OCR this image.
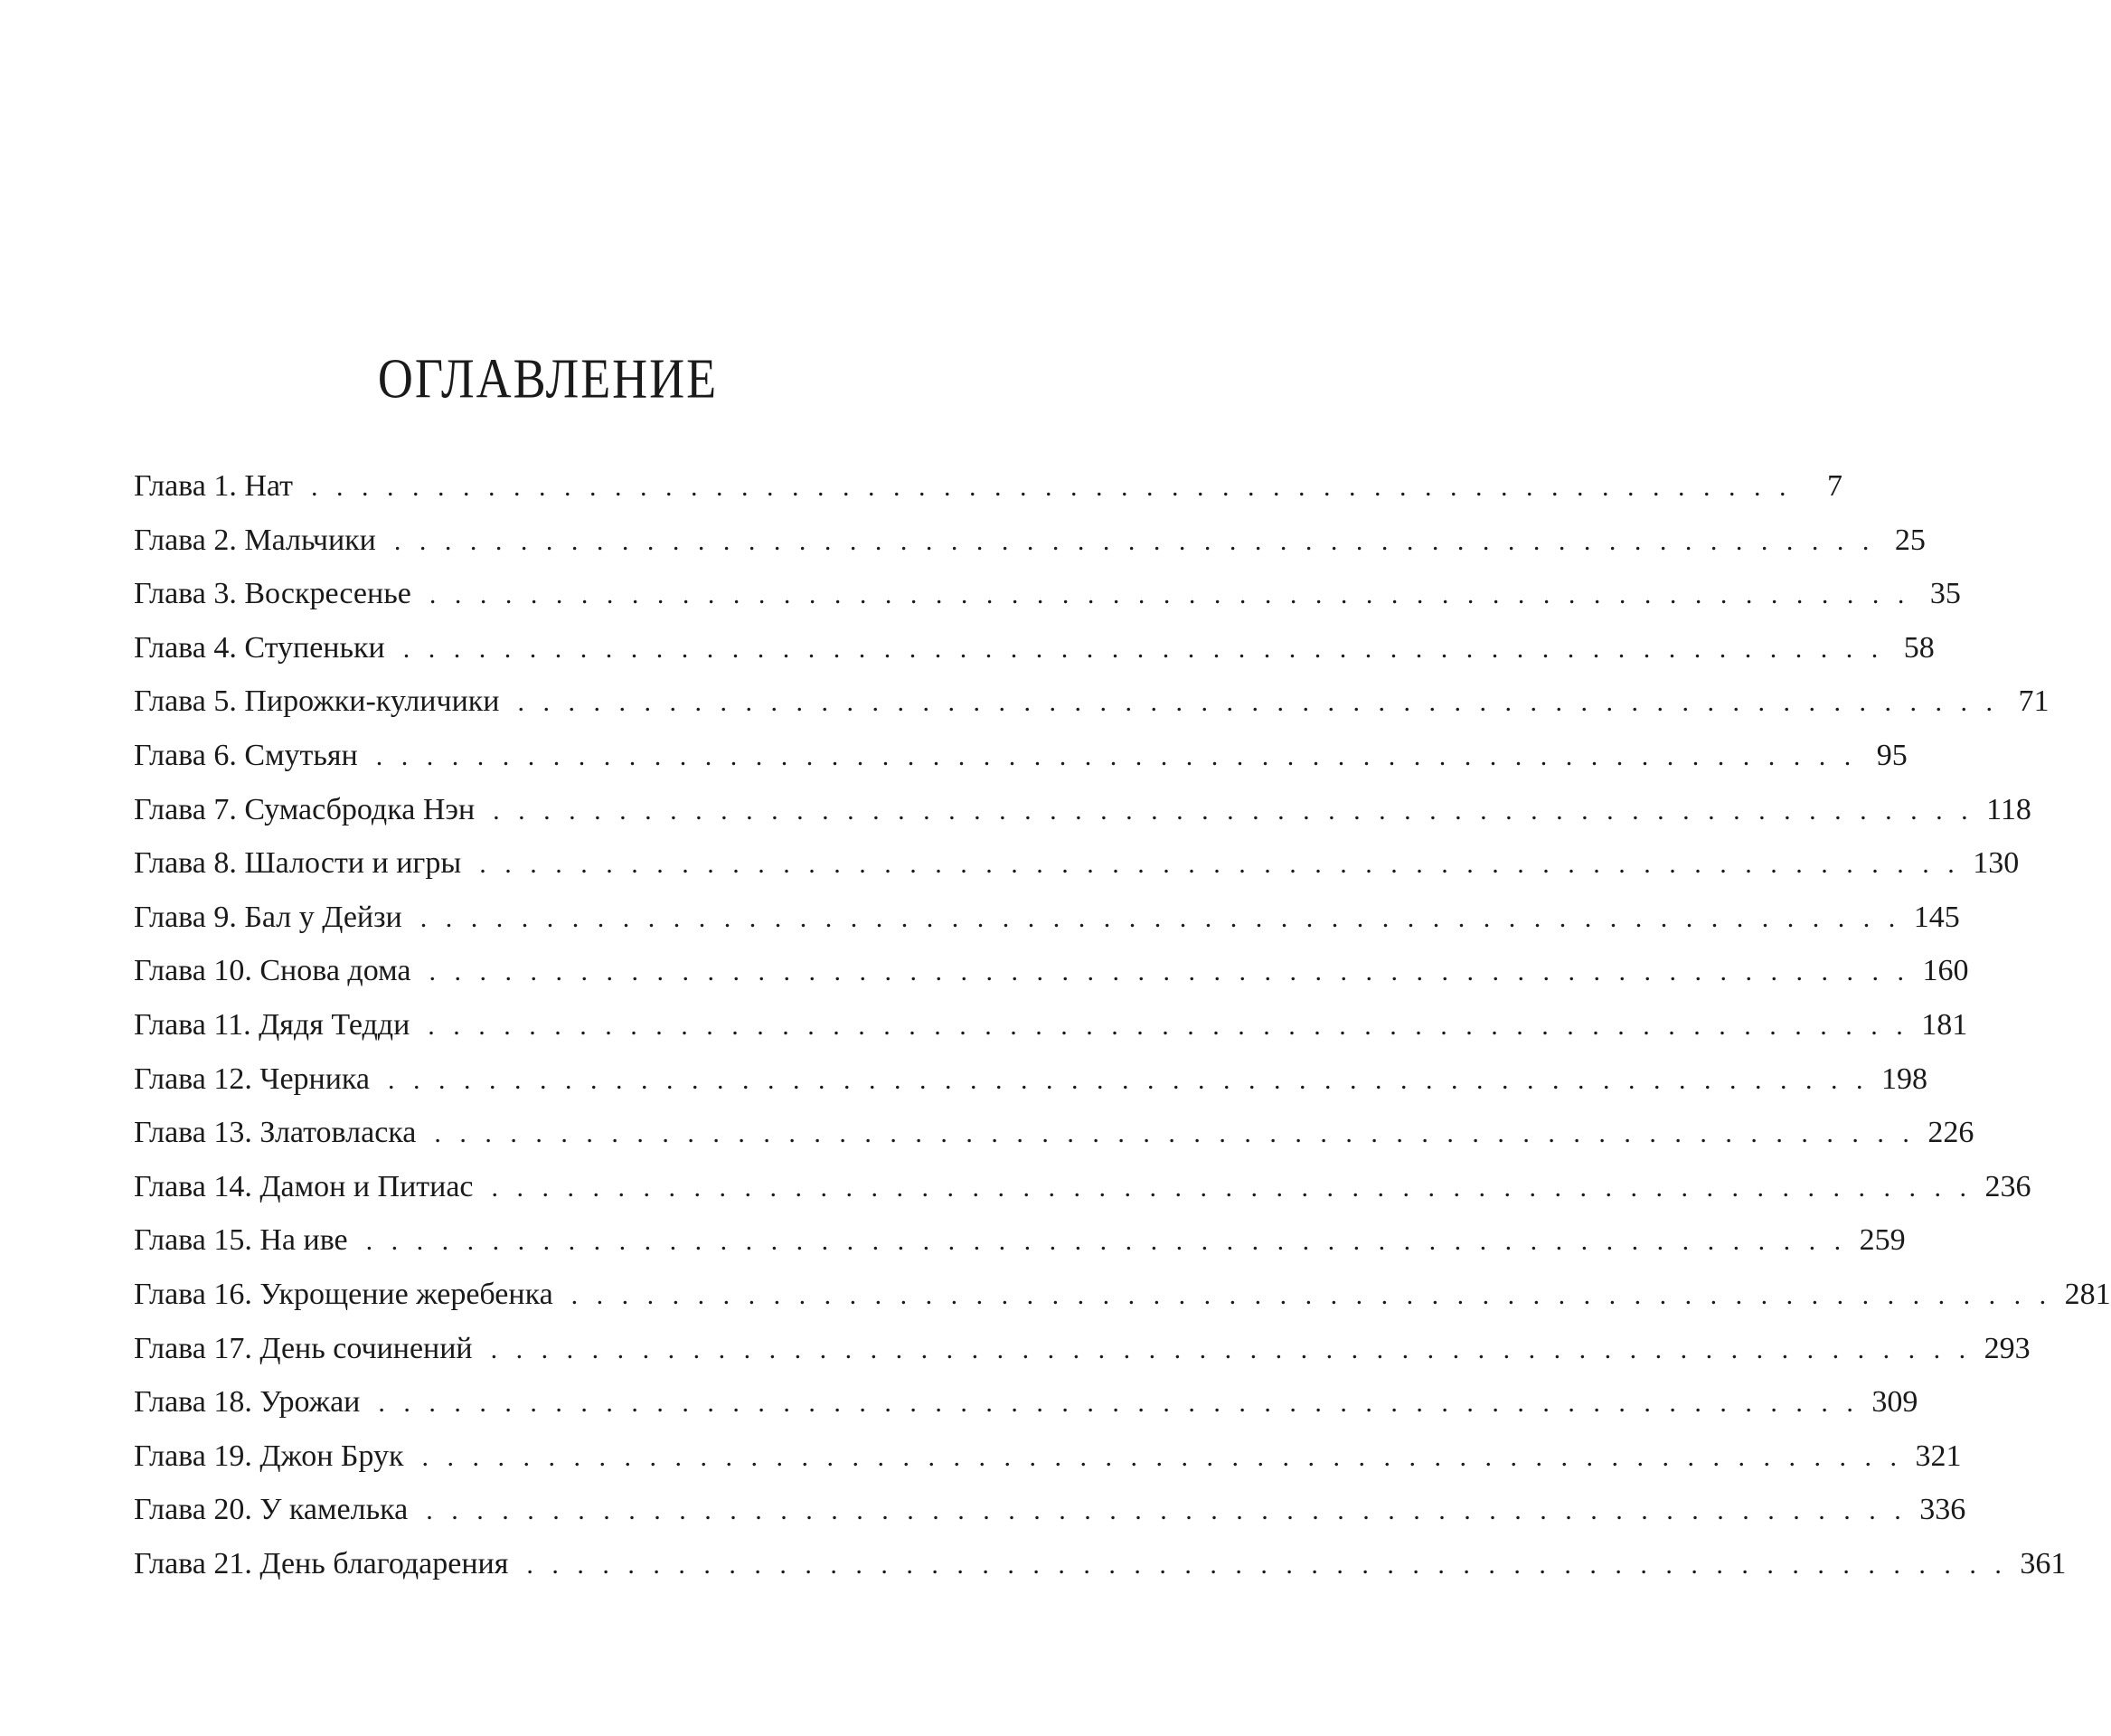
ОГЛАВЛЕНИЕ
Глава 1. Нат . . . . . . . . . . . . . . . . . . . . . . . . . . . . . . . . . . . . . . . . . . . . . . . . . . . . . . . . . . .	7
Глава 2. Мальчики . . . . . . . . . . . . . . . . . . . . . . . . . . . . . . . . . . . . . . . . . . . . . . . . . . . . . . . . . . . 25
Глава 3. Воскресенье . . . . . . . . . . . . . . . . . . . . . . . . . . . . . . . . . . . . . . . . . . . . . . . . . . . . . . . . . . . 35
Глава 4. Ступеньки . . . . . . . . . . . . . . . . . . . . . . . . . . . . . . . . . . . . . . . . . . . . . . . . . . . . . . . . . . . 58
Глава 5. Пирожки-куличики . . . . . . . . . . . . . . . . . . . . . . . . . . . . . . . . . . . . . . . . . . . . . . . . . . . . . . . . . . . 71
Глава 6. Смутьян . . . . . . . . . . . . . . . . . . . . . . . . . . . . . . . . . . . . . . . . . . . . . . . . . . . . . . . . . . . 95
Глава 7. Сумасбродка Нэн . . . . . . . . . . . . . . . . . . . . . . . . . . . . . . . . . . . . . . . . . . . . . . . . . . . . . . . . . . . 118
Глава 8. Шалости и игры . . . . . . . . . . . . . . . . . . . . . . . . . . . . . . . . . . . . . . . . . . . . . . . . . . . . . . . . . . . 130
Глава 9. Бал у Дейзи . . . . . . . . . . . . . . . . . . . . . . . . . . . . . . . . . . . . . . . . . . . . . . . . . . . . . . . . . . . 145
Глава 10. Снова дома . . . . . . . . . . . . . . . . . . . . . . . . . . . . . . . . . . . . . . . . . . . . . . . . . . . . . . . . . . . 160
Глава 11. Дядя Тедди . . . . . . . . . . . . . . . . . . . . . . . . . . . . . . . . . . . . . . . . . . . . . . . . . . . . . . . . . . . 181
Глава 12. Черника . . . . . . . . . . . . . . . . . . . . . . . . . . . . . . . . . . . . . . . . . . . . . . . . . . . . . . . . . . . 198
Глава 13. Златовласка . . . . . . . . . . . . . . . . . . . . . . . . . . . . . . . . . . . . . . . . . . . . . . . . . . . . . . . . . . . 226
Глава 14. Дамон и Питиас . . . . . . . . . . . . . . . . . . . . . . . . . . . . . . . . . . . . . . . . . . . . . . . . . . . . . . . . . . . 236
Глава 15. На иве . . . . . . . . . . . . . . . . . . . . . . . . . . . . . . . . . . . . . . . . . . . . . . . . . . . . . . . . . . . 259
Глава 16. Укрощение жеребенка . . . . . . . . . . . . . . . . . . . . . . . . . . . . . . . . . . . . . . . . . . . . . . . . . . . . . . . . . . . 281
Глава 17. День сочинений . . . . . . . . . . . . . . . . . . . . . . . . . . . . . . . . . . . . . . . . . . . . . . . . . . . . . . . . . . . 293
Глава 18. Урожаи . . . . . . . . . . . . . . . . . . . . . . . . . . . . . . . . . . . . . . . . . . . . . . . . . . . . . . . . . . . 309
Глава 19. Джон Брук . . . . . . . . . . . . . . . . . . . . . . . . . . . . . . . . . . . . . . . . . . . . . . . . . . . . . . . . . . . 321
Глава 20. У камелька . . . . . . . . . . . . . . . . . . . . . . . . . . . . . . . . . . . . . . . . . . . . . . . . . . . . . . . . . . . 336
Глава 21. День благодарения . . . . . . . . . . . . . . . . . . . . . . . . . . . . . . . . . . . . . . . . . . . . . . . . . . . . . . . . . . . 361
